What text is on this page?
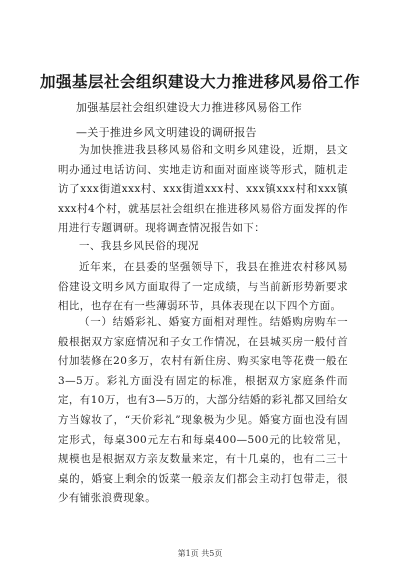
加强基层社会组织建设大力推进移风易俗工作

加强基层社会组织建设大力推进移风易俗工作

—关于推进乡风文明建设的调研报告

为加快推进我县移风易俗和文明乡风建设，近期，县文明办通过电话访问、实地走访和面对面座谈等形式，随机走访了xxx街道xxx村、xxx街道xxx村、xxx镇xxx村和xxx镇xxx村4个村，就基层社会组织在推进移风易俗方面发挥的作用进行专题调研。现将调查情况报告如下：

一、我县乡风民俗的现况

近年来，在县委的坚强领导下，我县在推进农村移风易俗建设文明乡风方面取得了一定成绩，与当前新形势新要求相比，也存在有一些薄弱环节，具体表现在以下四个方面。

（一）结婚彩礼、婚宴方面相对理性。结婚购房购车一般根据双方家庭情况和子女工作情况，在县城买房一般付首付加装修在20多万，农村有新住房、购买家电等花费一般在3—5万。彩礼方面没有固定的标准，根据双方家庭条件而定，有10万，也有3—5万的，大部分结婚的彩礼都又回给女方当嫁妆了，“天价彩礼”现象极为少见。婚宴方面也没有固定形式，每桌300元左右和每桌400—500元的比较常见，规模也是根据双方亲友数量来定，有十几桌的，也有二三十桌的，婚宴上剩余的饭菜一般亲友们都会主动打包带走，很少有铺张浪费现象。

第1页 共5页
